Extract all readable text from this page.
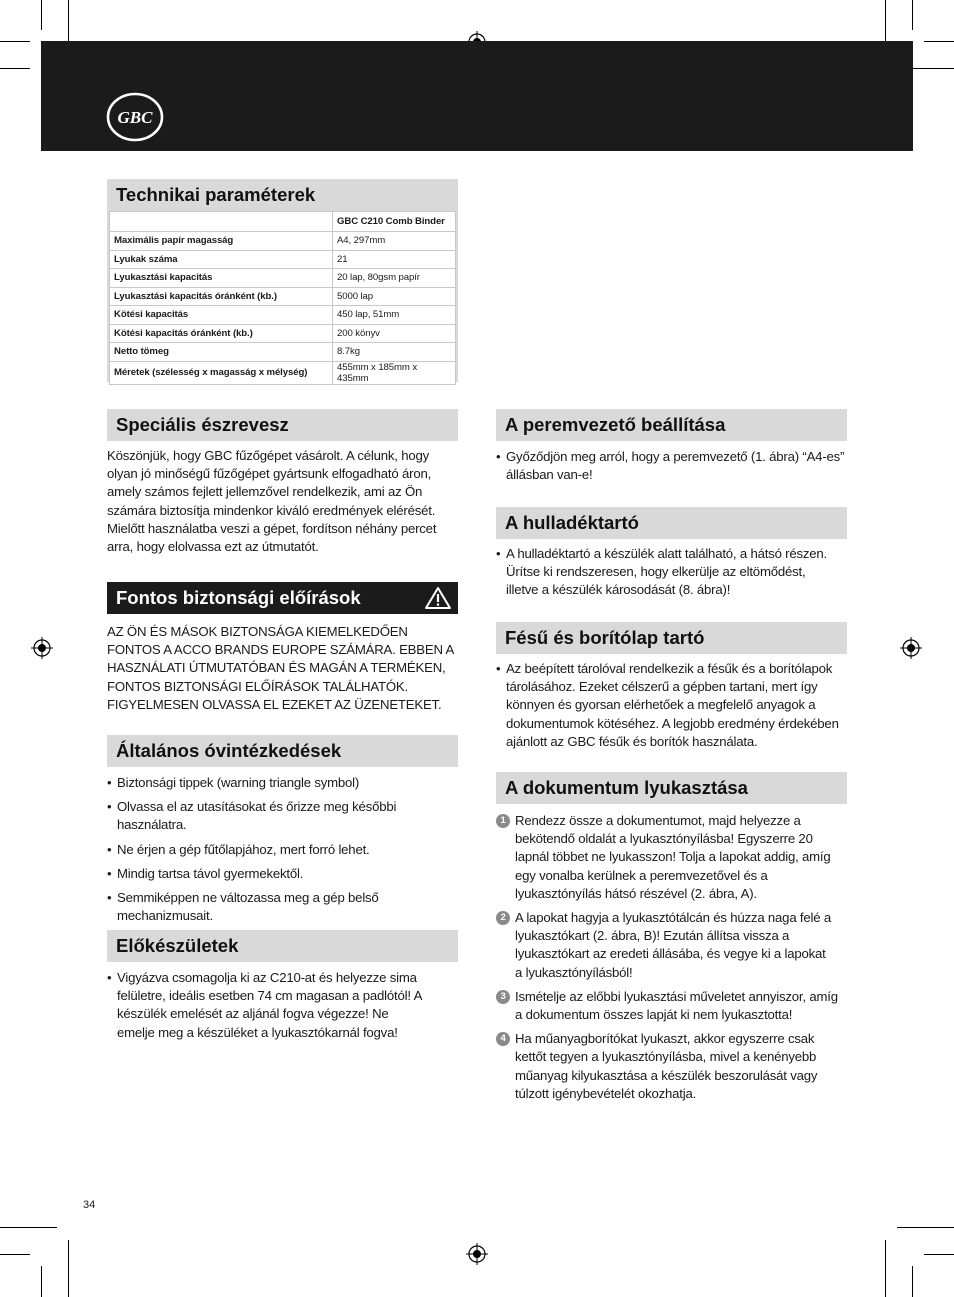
GBC
Technikai paraméterek
	GBC C210 Comb Binder
Maximális papír magasság	A4, 297mm
Lyukak száma	21
Lyukasztási kapacitás	20 lap, 80gsm papír
Lyukasztási kapacitás óránként (kb.)	5000 lap
Kötési kapacitás	450 lap, 51mm
Kötési kapacitás óránként (kb.)	200 könyv
Netto tömeg	8.7kg
Méretek (szélesség x magasság x mélység)	455mm x 185mm x 435mm
Speciális észrevesz

Köszönjük, hogy GBC fűzőgépet vásárolt. A célunk, hogy olyan jó minőségű fűzőgépet gyártsunk elfogadható áron, amely számos fejlett jellemzővel rendelkezik, ami az Ön számára biztosítja mindenkor kiváló eredmények elérését. Mielőtt használatba veszi a gépet, fordítson néhány percet arra, hogy elolvassa ezt az útmutatót.

Fontos biztonsági előírások

AZ ÖN ÉS MÁSOK BIZTONSÁGA KIEMELKEDŐEN FONTOS A ACCO BRANDS EUROPE SZÁMÁRA. EBBEN A HASZNÁLATI ÚTMUTATÓBAN ÉS MAGÁN A TERMÉKEN, FONTOS BIZTONSÁGI ELŐÍRÁSOK TALÁLHATÓK. FIGYELMESEN OLVASSA EL EZEKET AZ ÜZENETEKET.

Általános óvintézkedések
• Biztonsági tippek (warning triangle symbol)
• Olvassa el az utasításokat és őrizze meg későbbi használatra.
• Ne érjen a gép fűtőlapjához, mert forró lehet.
• Mindig tartsa távol gyermekektől.
• Semmiképpen ne változassa meg a gép belső mechanizmusait.
Előkészületek
• Vigyázva csomagolja ki az C210-at és helyezze sima felületre, ideális esetben 74 cm magasan a padlótól! A készülék emelését az aljánál fogva végezze! Ne emelje meg a készüléket a lyukasztókarnál fogva!
A peremvezető beállítása
• Győződjön meg arról, hogy a peremvezető (1. ábra) “A4-es” állásban van-e!
A hulladéktartó
• A hulladéktartó a készülék alatt található, a hátsó részen. Ürítse ki rendszeresen, hogy elkerülje az eltömődést, illetve a készülék károsodását (8. ábra)!
Fésű és borítólap tartó
• Az beépített tárolóval rendelkezik a fésűk és a borítólapok tárolásához. Ezeket célszerű a gépben tartani, mert így könnyen és gyorsan elérhetőek a megfelelő anyagok a dokumentumok kötéséhez. A legjobb eredmény érdekében ajánlott az GBC fésűk és borítók használata.
A dokumentum lyukasztása
1 Rendezz össze a dokumentumot, majd helyezze a bekötendő oldalát a lyukasztónyílásba! Egyszerre 20 lapnál többet ne lyukasszon! Tolja a lapokat addig, amíg egy vonalba kerülnek a peremvezetővel és a lyukasztónyílás hátsó részével (2. ábra, A).
2 A lapokat hagyja a lyukasztótálcán és húzza naga felé a lyukasztókart (2. ábra, B)! Ezután állítsa vissza a lyukasztókart az eredeti állásába, és vegye ki a lapokat a lyukasztónyílásból!
3 Ismételje az előbbi lyukasztási műveletet annyiszor, amíg a dokumentum összes lapját ki nem lyukasztotta!
4 Ha műanyagborítókat lyukaszt, akkor egyszerre csak kettőt tegyen a lyukasztónyílásba, mivel a kenényebb műanyag kilyukasztása a készülék beszorulását vagy túlzott igénybevételét okozhatja.
34
